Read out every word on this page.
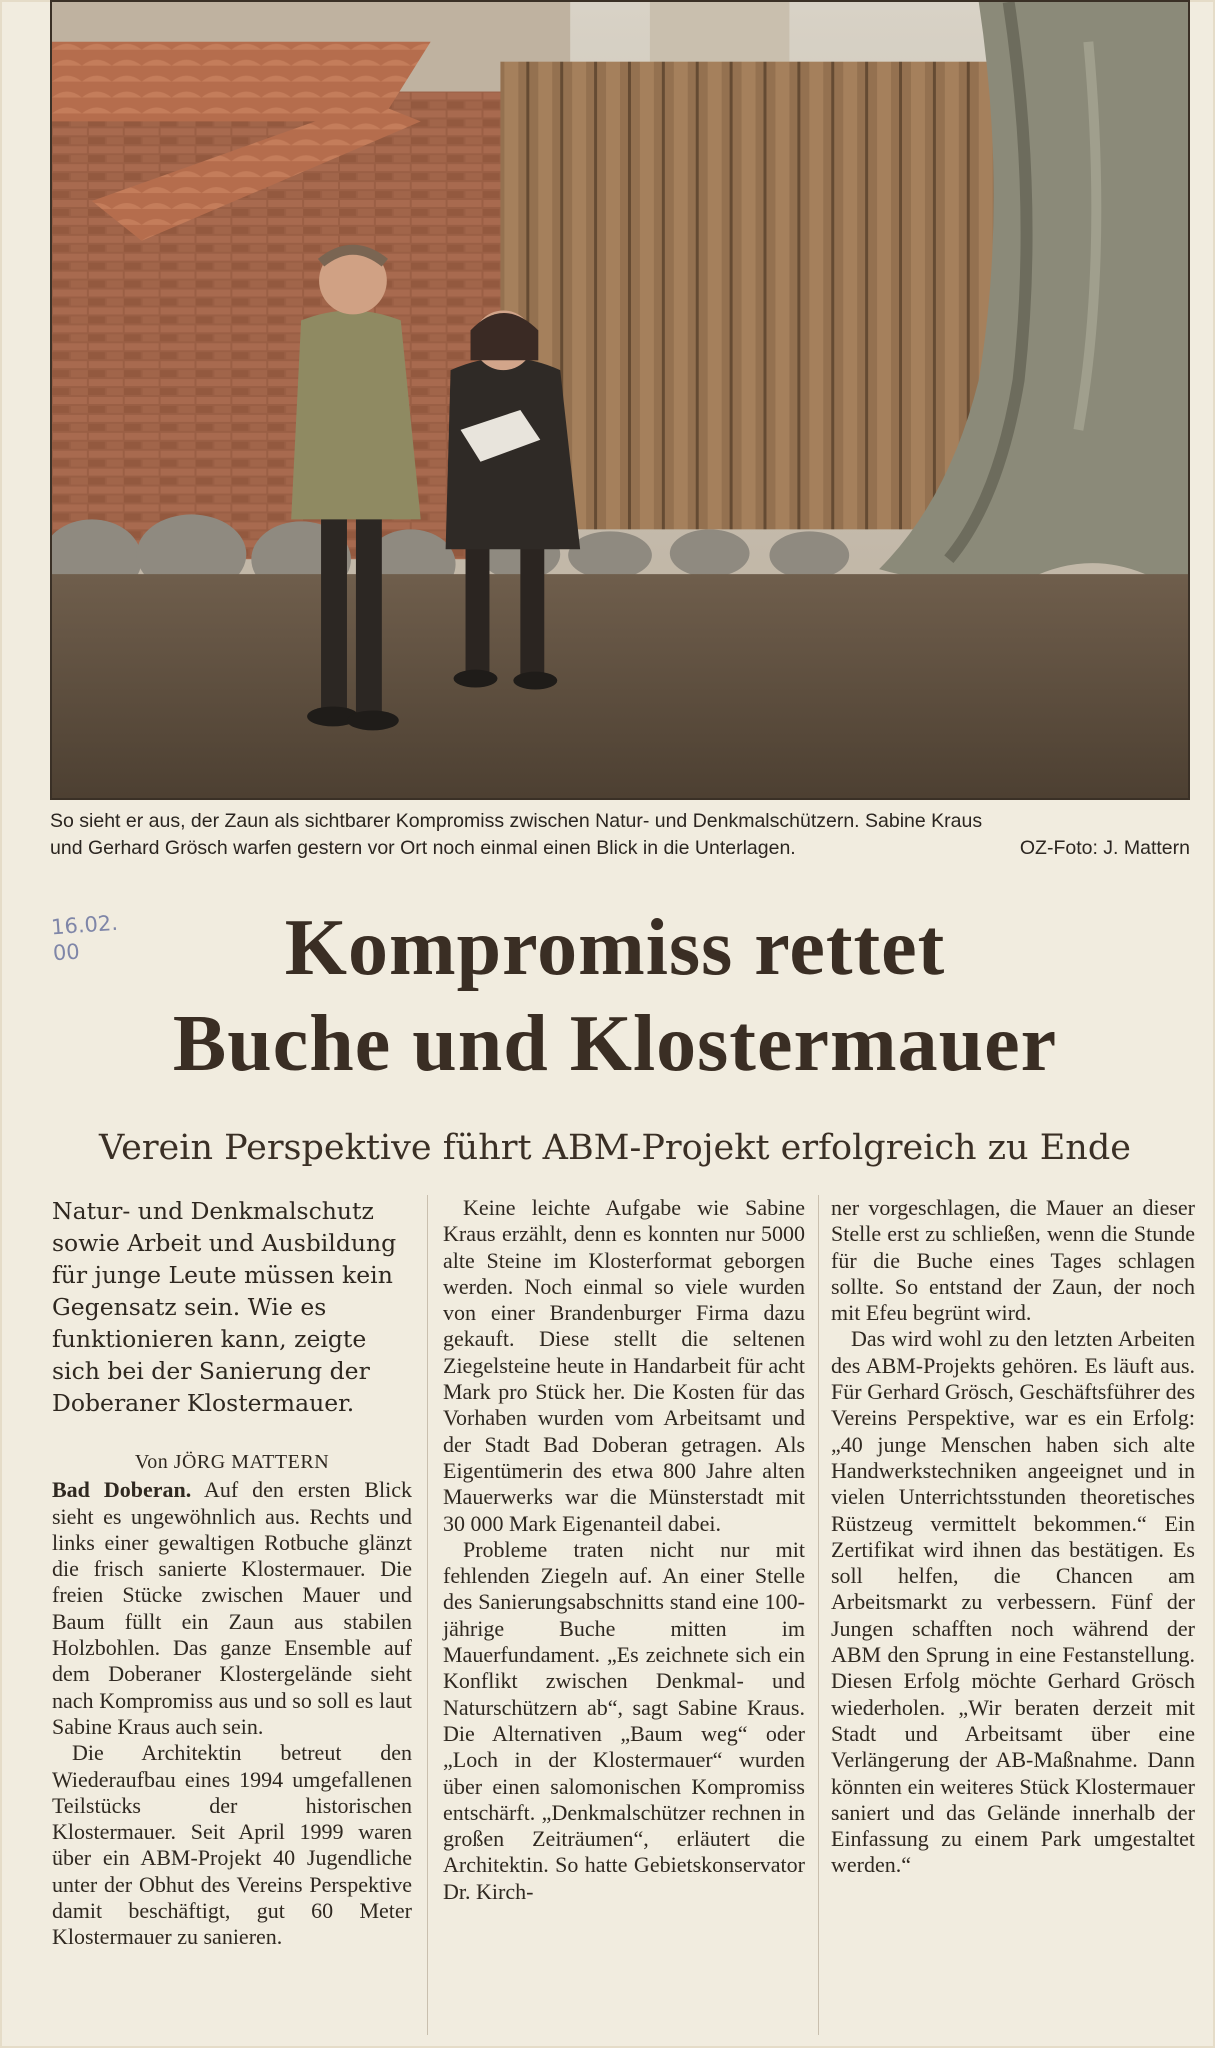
So sieht er aus, der Zaun als sichtbarer Kompromiss zwischen Natur- und Denkmalschützern. Sabine Kraus
und Gerhard Grösch warfen gestern vor Ort noch einmal einen Blick in die Unterlagen.	OZ-Foto: J. Mattern
16.02.
00	Kompromiss rettet
Buche und Klostermauer
Verein Perspektive führt ABM-Projekt erfolgreich zu Ende
Natur- und Denkmalschutz sowie Arbeit und Ausbildung für junge Leute müssen kein Gegensatz sein. Wie es funktionieren kann, zeigte sich bei der Sanierung der Doberaner Klostermauer.
Von JÖRG MATTERN

Bad Doberan. Auf den ersten Blick sieht es ungewöhnlich aus. Rechts und links einer gewaltigen Rotbuche glänzt die frisch sanierte Klostermauer. Die freien Stücke zwischen Mauer und Baum füllt ein Zaun aus stabilen Holzbohlen. Das ganze Ensemble auf dem Doberaner Klostergelände sieht nach Kompromiss aus und so soll es laut Sabine Kraus auch sein.

Die Architektin betreut den Wiederaufbau eines 1994 umgefallenen Teilstücks der historischen Klostermauer. Seit April 1999 waren über ein ABM-Projekt 40 Jugendliche unter der Obhut des Vereins Perspektive damit beschäftigt, gut 60 Meter Klostermauer zu sanieren.

Keine leichte Aufgabe wie Sabine Kraus erzählt, denn es konnten nur 5000 alte Steine im Klosterformat geborgen werden. Noch einmal so viele wurden von einer Brandenburger Firma dazu gekauft. Diese stellt die seltenen Ziegelsteine heute in Handarbeit für acht Mark pro Stück her. Die Kosten für das Vorhaben wurden vom Arbeitsamt und der Stadt Bad Doberan getragen. Als Eigentümerin des etwa 800 Jahre alten Mauerwerks war die Münsterstadt mit 30 000 Mark Eigenanteil dabei.

Probleme traten nicht nur mit fehlenden Ziegeln auf. An einer Stelle des Sanierungsabschnitts stand eine 100-jährige Buche mitten im Mauerfundament. „Es zeichnete sich ein Konflikt zwischen Denkmal- und Naturschützern ab“, sagt Sabine Kraus. Die Alternativen „Baum weg“ oder „Loch in der Klostermauer“ wurden über einen salomonischen Kompromiss entschärft. „Denkmalschützer rechnen in großen Zeiträumen“, erläutert die Architektin. So hatte Gebietskonservator Dr. Kirch-

ner vorgeschlagen, die Mauer an dieser Stelle erst zu schließen, wenn die Stunde für die Buche eines Tages schlagen sollte. So entstand der Zaun, der noch mit Efeu begrünt wird.

Das wird wohl zu den letzten Arbeiten des ABM-Projekts gehören. Es läuft aus. Für Gerhard Grösch, Geschäftsführer des Vereins Perspektive, war es ein Erfolg: „40 junge Menschen haben sich alte Handwerkstechniken angeeignet und in vielen Unterrichtsstunden theoretisches Rüstzeug vermittelt bekommen.“ Ein Zertifikat wird ihnen das bestätigen. Es soll helfen, die Chancen am Arbeitsmarkt zu verbessern. Fünf der Jungen schafften noch während der ABM den Sprung in eine Festanstellung. Diesen Erfolg möchte Gerhard Grösch wiederholen. „Wir beraten derzeit mit Stadt und Arbeitsamt über eine Verlängerung der AB-Maßnahme. Dann könnten ein weiteres Stück Klostermauer saniert und das Gelände innerhalb der Einfassung zu einem Park umgestaltet werden.“
